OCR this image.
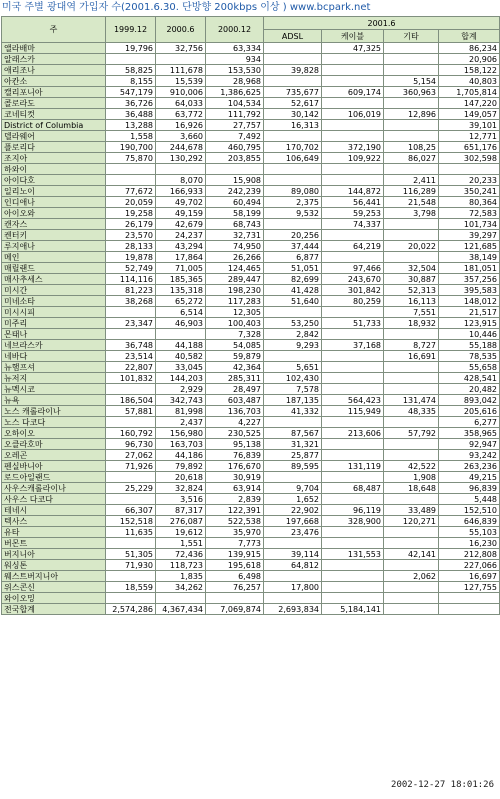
미국 주별 광대역 가입자 수(2001.6.30. 단방향 200kbps 이상 ) www.bcpark.net
주	1999.12	2000.6	2000.12	2001.6			
				ADSL	케이블	기타	합계
앨라배마	19,796	32,756	63,334		47,325		86,234
알래스카			934				20,906
애리조나	58,825	111,678	153,530	39,828			158,122
아칸소	8,155	15,539	28,968			5,154	40,803
캘리포니아	547,179	910,006	1,386,625	735,677	609,174	360,963	1,705,814
콜로라도	36,726	64,033	104,534	52,617			147,220
코네티컷	36,488	63,772	111,792	30,142	106,019	12,896	149,057
District of Columbia	13,288	16,926	27,757	16,313			39,101
델라웨어	1,558	3,660	7,492				12,771
플로리다	190,700	244,678	460,795	170,702	372,190	108,25	651,176
조지아	75,870	130,292	203,855	106,649	109,922	86,027	302,598
하와이							
아이다호		8,070	15,908			2,411	20,233
일리노이	77,672	166,933	242,239	89,080	144,872	116,289	350,241
인디애나	20,059	49,702	60,494	2,375	56,441	21,548	80,364
아이오와	19,258	49,159	58,199	9,532	59,253	3,798	72,583
캔자스	26,179	42,679	68,743		74,337		101,734
켄터키	23,570	24,237	32,731	20,256			39,297
루지애나	28,133	43,294	74,950	37,444	64,219	20,022	121,685
메인	19,878	17,864	26,266	6,877			38,149
매릴랜드	52,749	71,005	124,465	51,051	97,466	32,504	181,051
매사추세스	114,116	185,365	289,447	82,699	243,670	30,887	357,256
미시간	81,223	135,318	198,230	41,428	301,842	52,313	395,583
미네소타	38,268	65,272	117,283	51,640	80,259	16,113	148,012
미시시피		6,514	12,305			7,551	21,517
미주리	23,347	46,903	100,403	53,250	51,733	18,932	123,915
몬태나			7,328	2,842			10,446
네브라스카	36,748	44,188	54,085	9,293	37,168	8,727	55,188
네바다	23,514	40,582	59,879			16,691	78,535
뉴햄프셔	22,807	33,045	42,364	5,651			55,658
뉴저지	101,832	144,203	285,311	102,430			428,541
뉴멕시코		2,929	28,497	7,578			20,482
뉴욕	186,504	342,743	603,487	187,135	564,423	131,474	893,042
노스 캐롤라이나	57,881	81,998	136,703	41,332	115,949	48,335	205,616
노스 다코다		2,437	4,227				6,277
오하이오	160,792	156,980	230,525	87,567	213,606	57,792	358,965
오클라호마	96,730	163,703	95,138	31,321			92,947
오레곤	27,062	44,186	76,839	25,877			93,242
펜실바니아	71,926	79,892	176,670	89,595	131,119	42,522	263,236
로드아일랜드		20,618	30,919			1,908	49,215
사우스캐롤라이나	25,229	32,824	63,914	9,704	68,487	18,648	96,839
사우스 다코다		3,516	2,839	1,652			5,448
테네시	66,307	87,317	122,391	22,902	96,119	33,489	152,510
텍사스	152,518	276,087	522,538	197,668	328,900	120,271	646,839
유타	11,635	19,612	35,970	23,476			55,103
버몬트		1,551	7,773				16,230
버지니아	51,305	72,436	139,915	39,114	131,553	42,141	212,808
워싱톤	71,930	118,723	195,618	64,812			227,066
웨스트버지니아		1,835	6,498			2,062	16,697
위스콘신	18,559	34,262	76,257	17,800			127,755
와이오밍							
전국합계	2,574,286	4,367,434	7,069,874	2,693,834	5,184,141		
2002-12-27 18:01:26
